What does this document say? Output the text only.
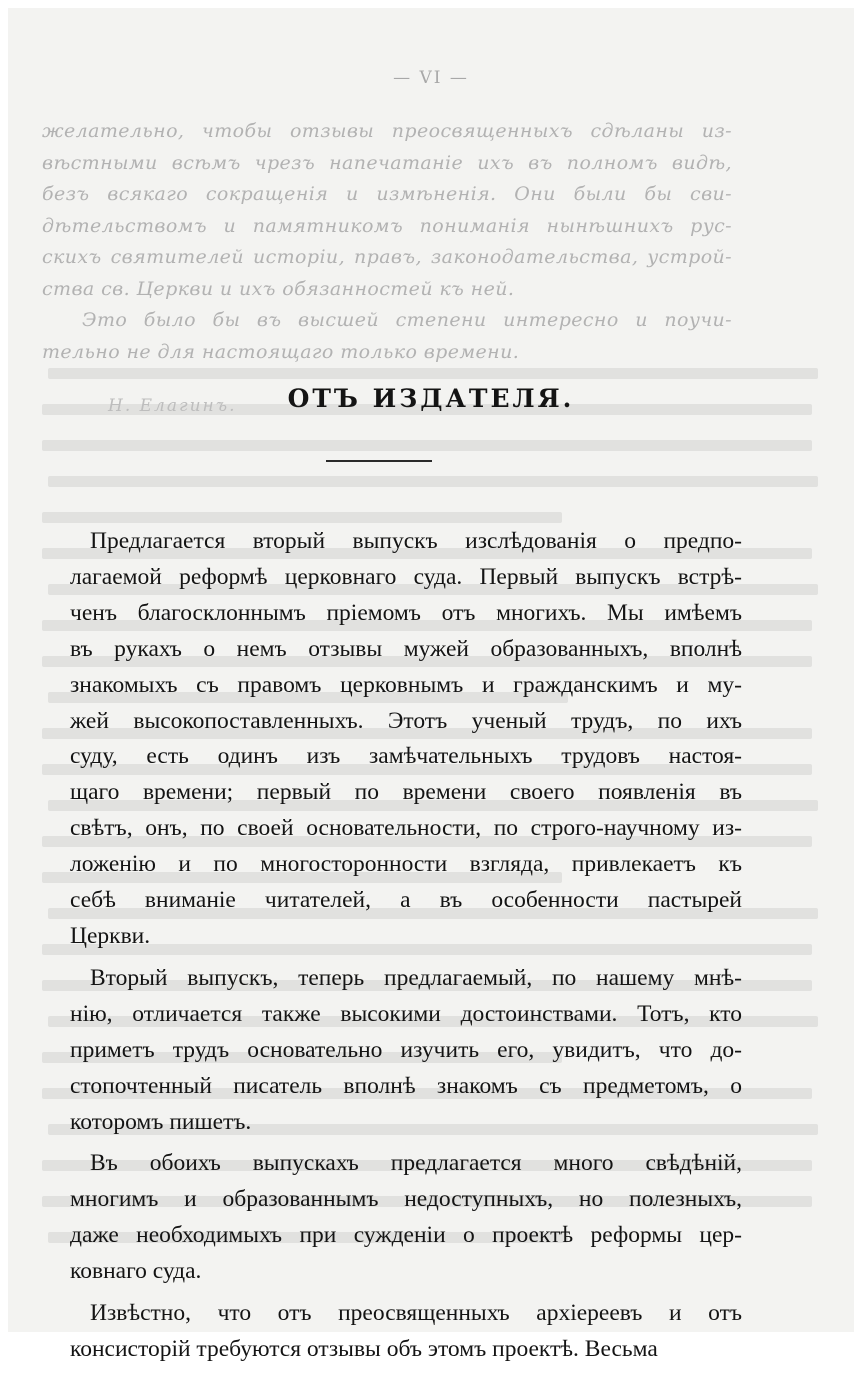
— VI —

желательно, чтобы отзывы преосвященныхъ сдѣланы из-

вѣстными всѣмъ чрезъ напечатаніе ихъ въ полномъ видѣ,

безъ всякаго сокращенія и измѣненія. Они были бы сви-

дѣтельствомъ и памятникомъ пониманія нынѣшнихъ рус-

скихъ святителей исторіи, правъ, законодательства, устрой-

ства св. Церкви и ихъ обязанностей къ ней.

Это было бы въ высшей степени интересно и поучи-

тельно не для настоящаго только времени.

Н. Елагинъ.	ОТЪ ИЗДАТЕЛЯ.
Предлагается вторый выпускъ изслѣдованія о предпо-
лагаемой реформѣ церковнаго суда. Первый выпускъ встрѣ-
ченъ благосклоннымъ пріемомъ отъ многихъ. Мы имѣемъ
въ рукахъ о немъ отзывы мужей образованныхъ, вполнѣ
знакомыхъ съ правомъ церковнымъ и гражданскимъ и му-
жей высокопоставленныхъ. Этотъ ученый трудъ, по ихъ
суду, есть одинъ изъ замѣчательныхъ трудовъ настоя-
щаго времени; первый по времени своего появленія въ
свѣтъ, онъ, по своей основательности, по строго-научному из-
ложенію и по многосторонности взгляда, привлекаетъ къ
себѣ вниманіе читателей, а въ особенности пастырей
Церкви.
Вторый выпускъ, теперь предлагаемый, по нашему мнѣ-
нію, отличается также высокими достоинствами. Тотъ, кто
приметъ трудъ основательно изучить его, увидитъ, что до-
стопочтенный писатель вполнѣ знакомъ съ предметомъ, о
которомъ пишетъ.
Въ обоихъ выпускахъ предлагается много свѣдѣній,
многимъ и образованнымъ недоступныхъ, но полезныхъ,
даже необходимыхъ при сужденіи о проектѣ реформы цер-
ковнаго суда.
Извѣстно, что отъ преосвященныхъ архіереевъ и отъ
консисторій требуются отзывы объ этомъ проектѣ. Весьма
